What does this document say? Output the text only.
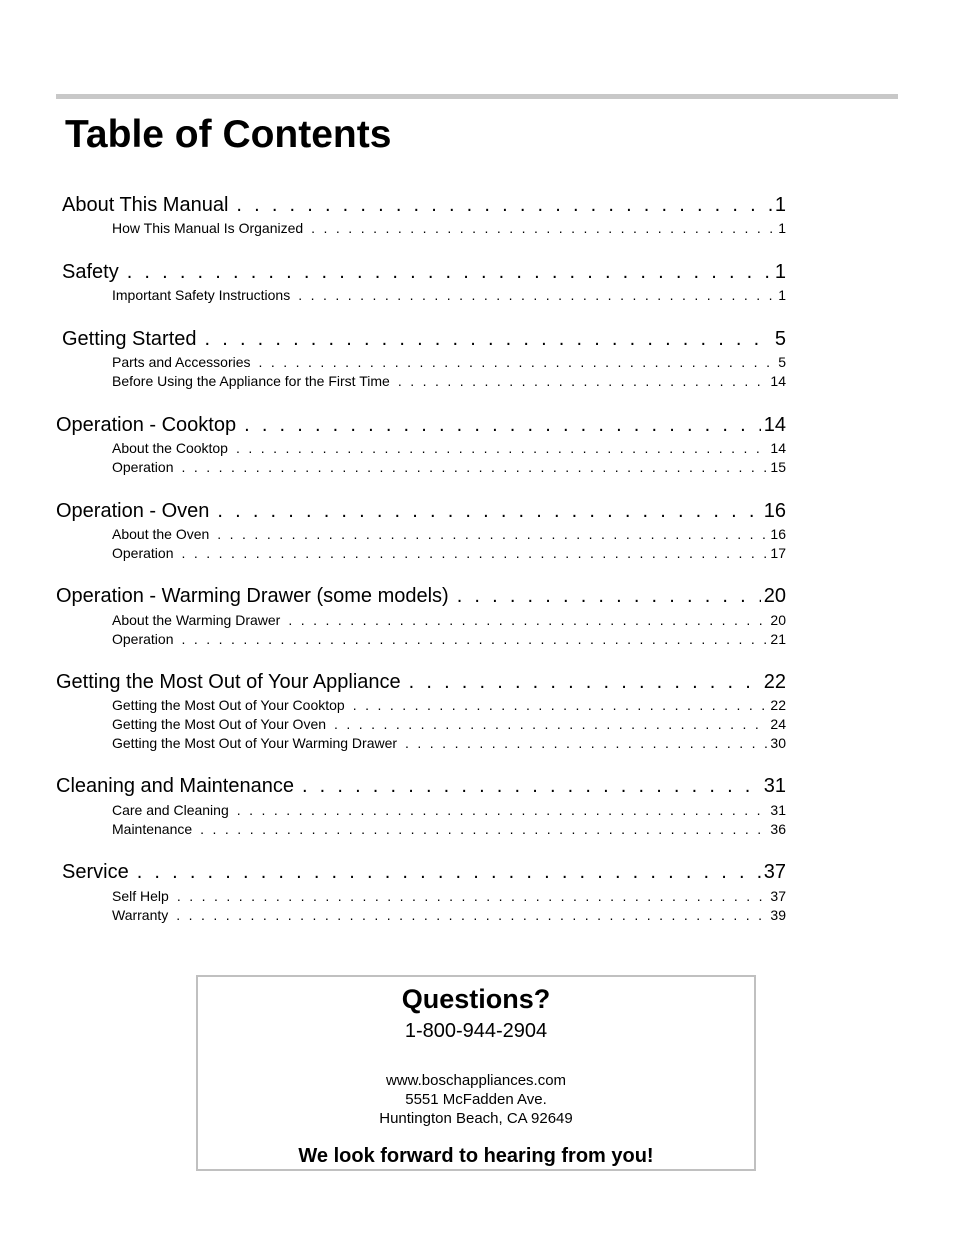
Table of Contents
About This Manual . . .	1
How This Manual Is Organized . . .	1
Safety . . .	1
Important Safety Instructions . . .	1
Getting Started . . .	5
Parts and Accessories . . .	5
Before Using the Appliance for the First Time . . .	14
Operation - Cooktop . . .	14
About the Cooktop . . .	14
Operation . . .	15
Operation - Oven . . .	16
About the Oven . . .	16
Operation . . .	17
Operation - Warming Drawer (some models) . . .	20
About the Warming Drawer . . .	20
Operation . . .	21
Getting the Most Out of Your Appliance . . .	22
Getting the Most Out of Your Cooktop . . .	22
Getting the Most Out of Your Oven . . .	24
Getting the Most Out of Your Warming Drawer . . .	30
Cleaning and Maintenance . . .	31
Care and Cleaning . . .	31
Maintenance . . .	36
Service . . .	37
Self Help . . .	37
Warranty . . .	39
Questions?
1-800-944-2904
www.boschappliances.com
5551 McFadden Ave.
Huntington Beach, CA 92649
We look forward to hearing from you!
